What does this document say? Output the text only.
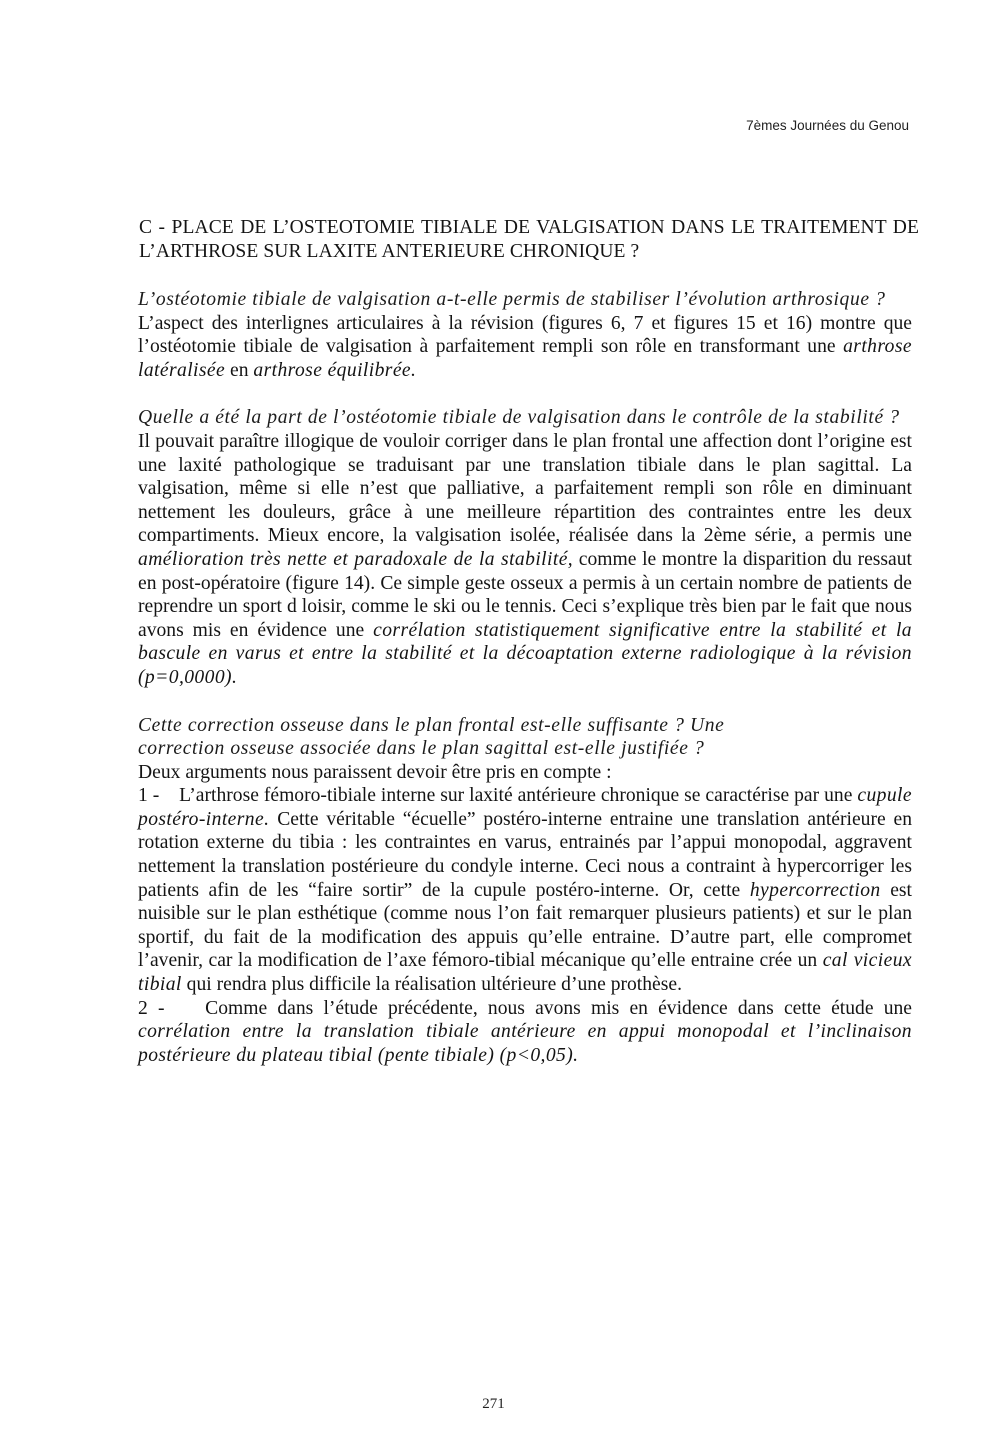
7èmes Journées du Genou
C - PLACE DE L’OSTEOTOMIE TIBIALE DE VALGISATION DANS LE TRAITEMENT DE L’ARTHROSE SUR LAXITE ANTERIEURE CHRONIQUE ?

L’ostéotomie tibiale de valgisation a-t-elle permis de stabiliser l’évolution arthrosique ?

L’aspect des interlignes articulaires à la révision (figures 6, 7 et figures 15 et 16) montre que l’ostéotomie tibiale de valgisation à parfaitement rempli son rôle en transformant une arthrose latéralisée en arthrose équilibrée.

Quelle a été la part de l’ostéotomie tibiale de valgisation dans le contrôle de la stabilité ?

Il pouvait paraître illogique de vouloir corriger dans le plan frontal une affection dont l’origine est une laxité pathologique se traduisant par une translation tibiale dans le plan sagittal. La valgisation, même si elle n’est que palliative, a parfaitement rempli son rôle en diminuant nettement les douleurs, grâce à une meilleure répartition des contraintes entre les deux compartiments. Mieux encore, la valgisation isolée, réalisée dans la 2ème série, a permis une amélioration très nette et paradoxale de la stabilité, comme le montre la disparition du ressaut en post-opératoire (figure 14). Ce simple geste osseux a permis à un certain nombre de patients de reprendre un sport d loisir, comme le ski ou le tennis. Ceci s’explique très bien par le fait que nous avons mis en évidence une corrélation statistiquement significative entre la stabilité et la bascule en varus et entre la stabilité et la décoaptation externe radiologique à la révision (p=0,0000).

Cette correction osseuse dans le plan frontal est-elle suffisante ? Une
correction osseuse associée dans le plan sagittal est-elle justifiée ?

Deux arguments nous paraissent devoir être pris en compte :

1 - L’arthrose fémoro-tibiale interne sur laxité antérieure chronique se caractérise par une cupule postéro-interne. Cette véritable “écuelle” postéro-interne entraine une translation antérieure en rotation externe du tibia : les contraintes en varus, entrainés par l’appui monopodal, aggravent nettement la translation postérieure du condyle interne. Ceci nous a contraint à hypercorriger les patients afin de les “faire sortir” de la cupule postéro-interne. Or, cette hypercorrection est nuisible sur le plan esthétique (comme nous l’on fait remarquer plusieurs patients) et sur le plan sportif, du fait de la modification des appuis qu’elle entraine. D’autre part, elle compromet l’avenir, car la modification de l’axe fémoro-tibial mécanique qu’elle entraine crée un cal vicieux tibial qui rendra plus difficile la réalisation ultérieure d’une prothèse.

2 - Comme dans l’étude précédente, nous avons mis en évidence dans cette étude une corrélation entre la translation tibiale antérieure en appui monopodal et l’inclinaison postérieure du plateau tibial (pente tibiale) (p<0,05).

271
